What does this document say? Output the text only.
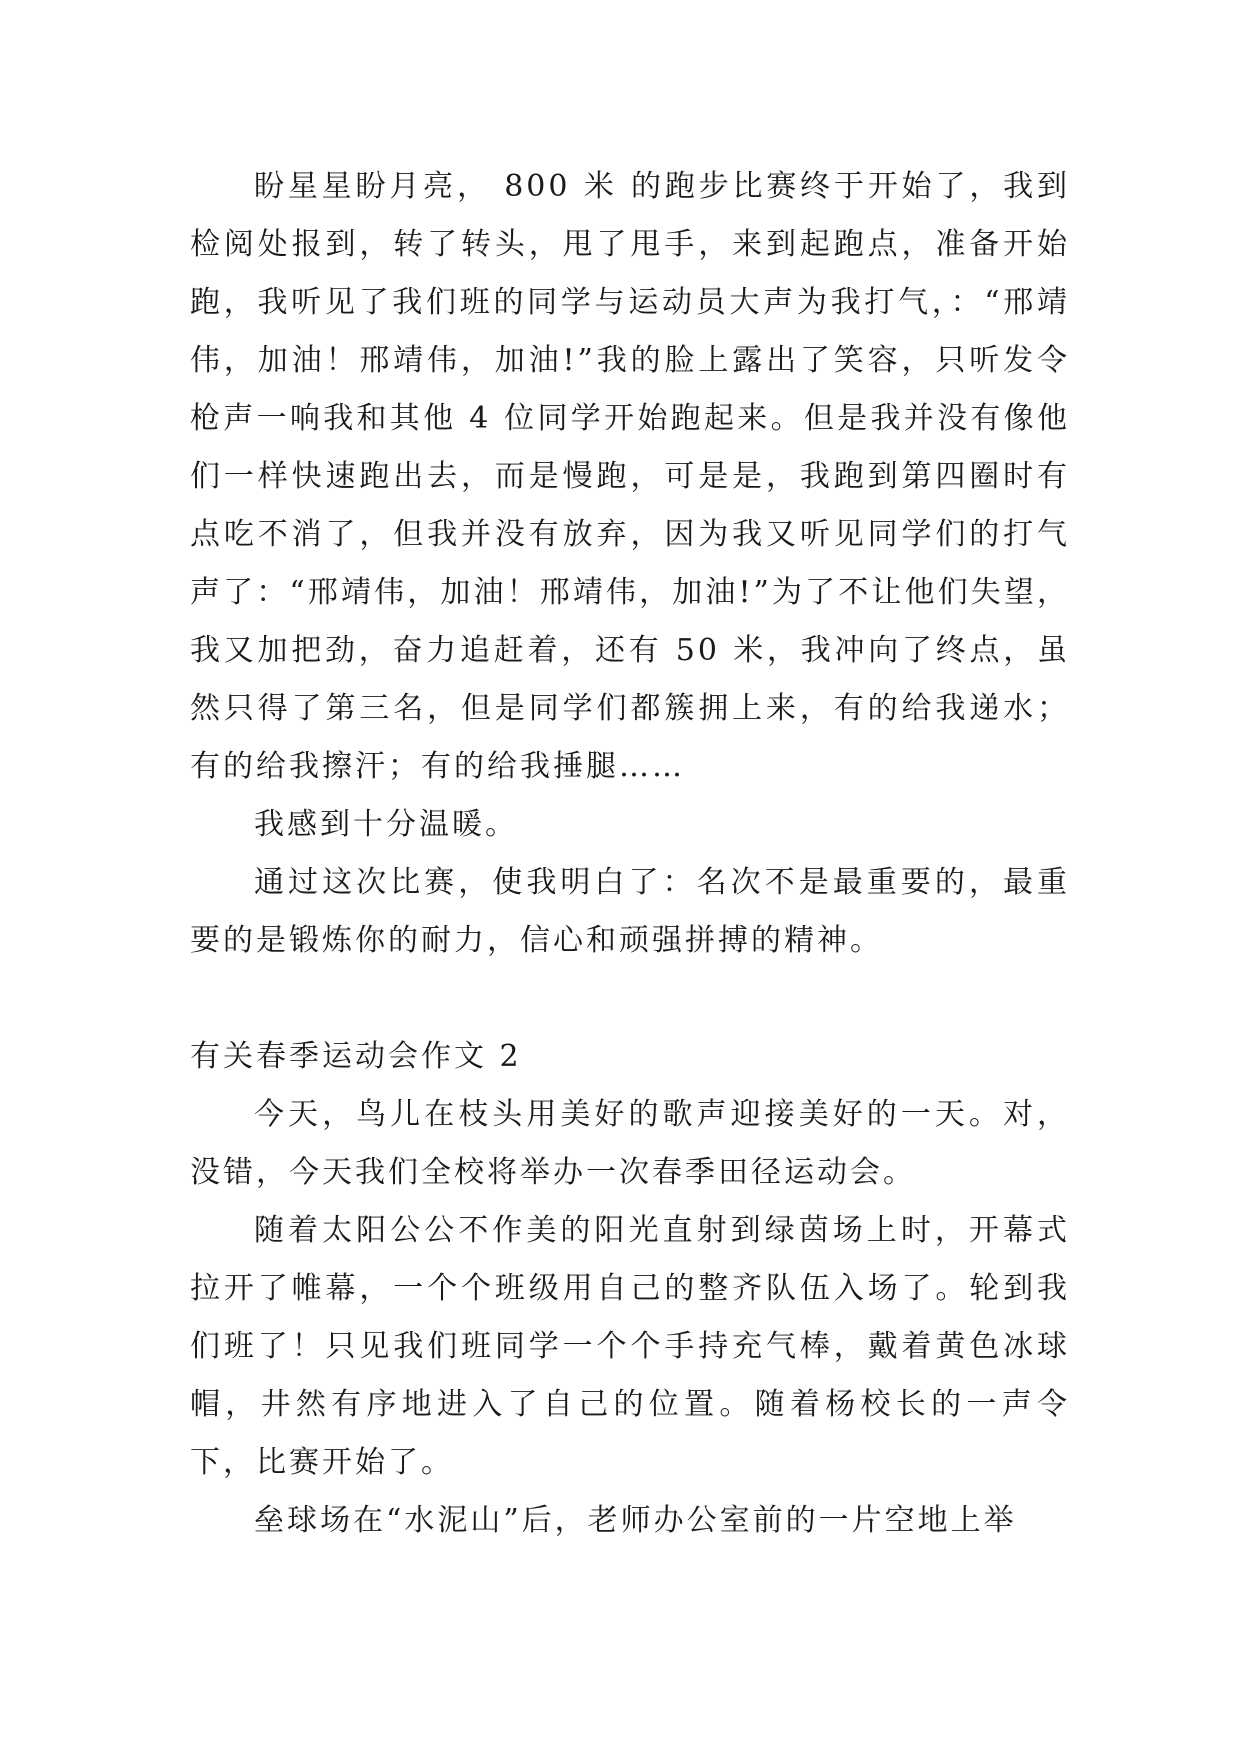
盼星星盼月亮， 800 米 的跑步比赛终于开始了，我到检阅处报到，转了转头，甩了甩手，来到起跑点，准备开始跑，我听见了我们班的同学与运动员大声为我打气，：“邢靖伟，加油！邢靖伟，加油!”我的脸上露出了笑容，只听发令枪声一响我和其他 4 位同学开始跑起来。但是我并没有像他们一样快速跑出去，而是慢跑，可是是，我跑到第四圈时有点吃不消了，但我并没有放弃，因为我又听见同学们的打气声了：“邢靖伟，加油！邢靖伟，加油!”为了不让他们失望，我又加把劲，奋力追赶着，还有 50 米，我冲向了终点，虽然只得了第三名，但是同学们都簇拥上来，有的给我递水；有的给我擦汗；有的给我捶腿……

我感到十分温暖。

通过这次比赛，使我明白了：名次不是最重要的，最重要的是锻炼你的耐力，信心和顽强拼搏的精神。

有关春季运动会作文 2

今天，鸟儿在枝头用美好的歌声迎接美好的一天。对，没错，今天我们全校将举办一次春季田径运动会。

随着太阳公公不作美的阳光直射到绿茵场上时，开幕式拉开了帷幕，一个个班级用自己的整齐队伍入场了。轮到我们班了！只见我们班同学一个个手持充气棒，戴着黄色冰球帽，井然有序地进入了自己的位置。随着杨校长的一声令下，比赛开始了。

垒球场在“水泥山”后，老师办公室前的一片空地上举
